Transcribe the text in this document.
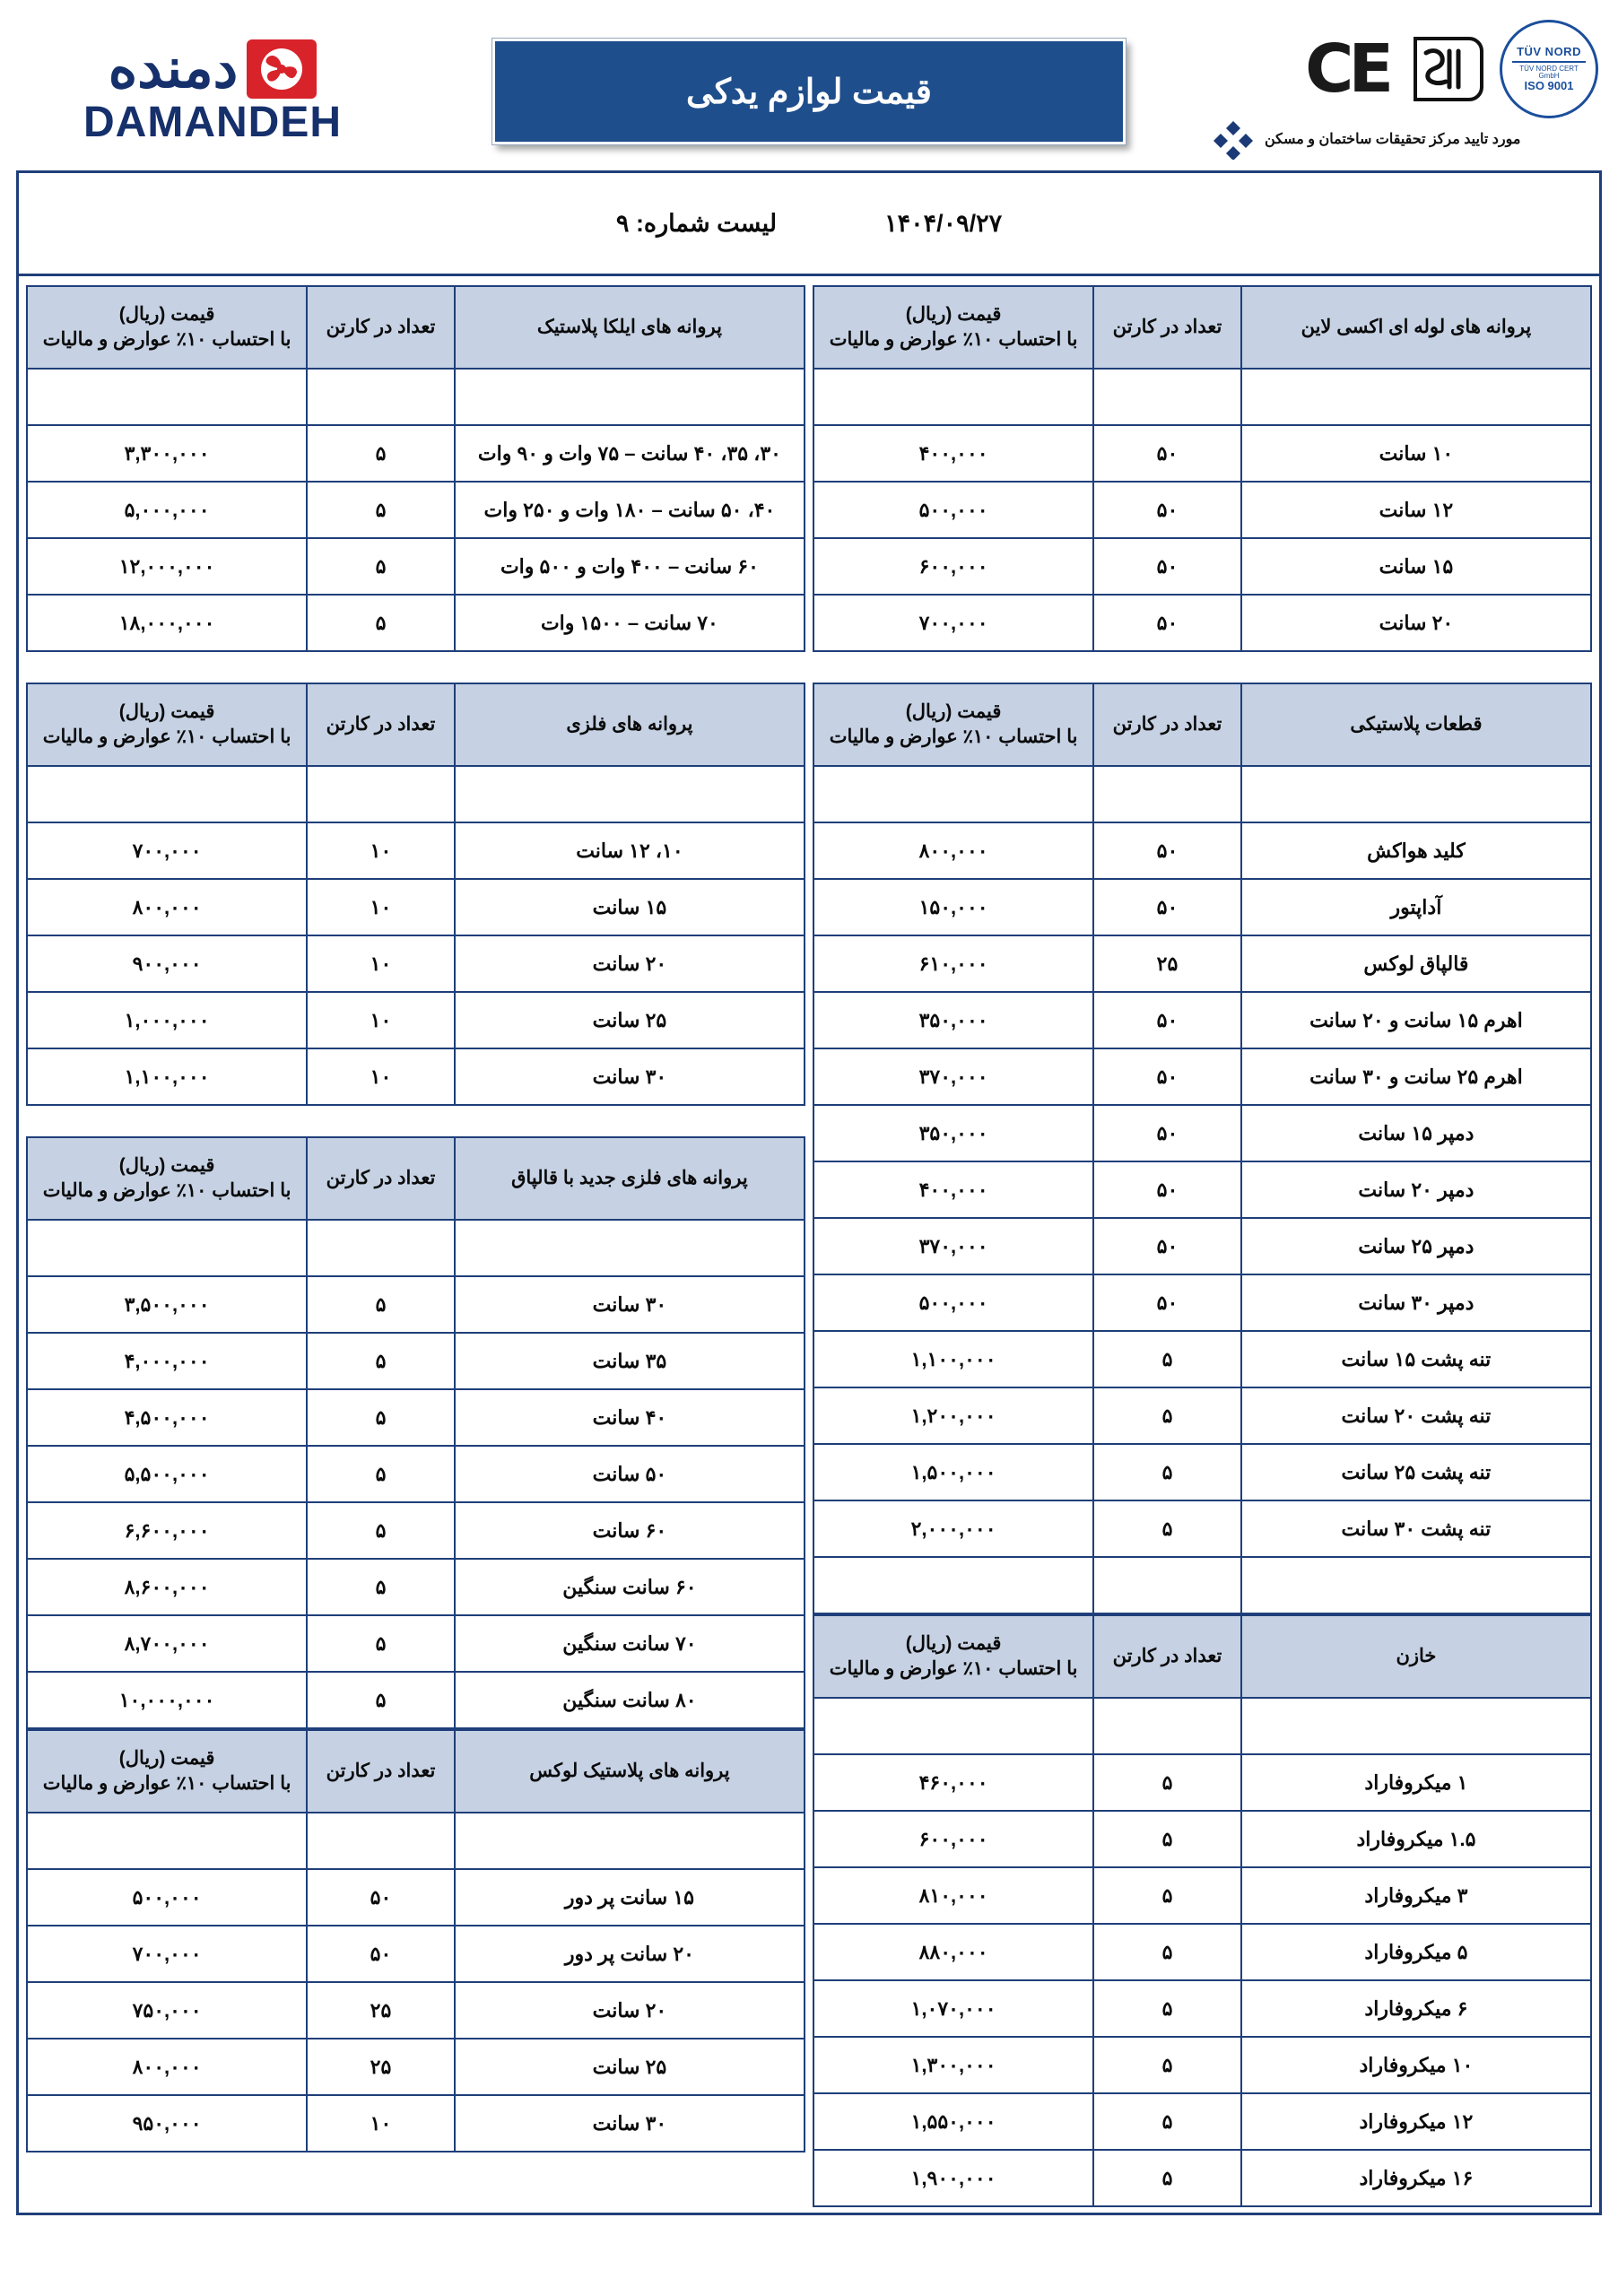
دمنده
DAMANDEH
قیمت لوازم یدکی
TÜV NORD
TÜV NORD CERT
GmbH
ISO 9001
CE
مورد تایید مرکز تحقیقات ساختمان و مسکن
۱۴۰۴/۰۹/۲۷
لیست شماره: ۹
پروانه های لوله ای اکسی لاین	تعداد در کارتن	قیمت (ریال)
با احتساب ۱۰٪ عوارض و مالیات

۱۰ سانت	۵۰	۴۰۰,۰۰۰
۱۲ سانت	۵۰	۵۰۰,۰۰۰
۱۵ سانت	۵۰	۶۰۰,۰۰۰
۲۰ سانت	۵۰	۷۰۰,۰۰۰
قطعات پلاستیکی	تعداد در کارتن	قیمت (ریال)
با احتساب ۱۰٪ عوارض و مالیات

کلید هواکش	۵۰	۸۰۰,۰۰۰
آداپتور	۵۰	۱۵۰,۰۰۰
قالپاق لوکس	۲۵	۶۱۰,۰۰۰
اهرم ۱۵ سانت و ۲۰ سانت	۵۰	۳۵۰,۰۰۰
اهرم ۲۵ سانت و ۳۰ سانت	۵۰	۳۷۰,۰۰۰
دمپر ۱۵ سانت	۵۰	۳۵۰,۰۰۰
دمپر ۲۰ سانت	۵۰	۴۰۰,۰۰۰
دمپر ۲۵ سانت	۵۰	۳۷۰,۰۰۰
دمپر ۳۰ سانت	۵۰	۵۰۰,۰۰۰
تنه پشت ۱۵ سانت	۵	۱,۱۰۰,۰۰۰
تنه پشت ۲۰ سانت	۵	۱,۲۰۰,۰۰۰
تنه پشت ۲۵ سانت	۵	۱,۵۰۰,۰۰۰
تنه پشت ۳۰ سانت	۵	۲,۰۰۰,۰۰۰

خازن	تعداد در کارتن	قیمت (ریال)
با احتساب ۱۰٪ عوارض و مالیات

۱ میکروفاراد	۵	۴۶۰,۰۰۰
۱.۵ میکروفاراد	۵	۶۰۰,۰۰۰
۳ میکروفاراد	۵	۸۱۰,۰۰۰
۵ میکروفاراد	۵	۸۸۰,۰۰۰
۶ میکروفاراد	۵	۱,۰۷۰,۰۰۰
۱۰ میکروفاراد	۵	۱,۳۰۰,۰۰۰
۱۲ میکروفاراد	۵	۱,۵۵۰,۰۰۰
۱۶ میکروفاراد	۵	۱,۹۰۰,۰۰۰
پروانه های ایلکا پلاستیک	تعداد در کارتن	قیمت (ریال)
با احتساب ۱۰٪ عوارض و مالیات

۳۰، ۳۵، ۴۰ سانت – ۷۵ وات و ۹۰ وات	۵	۳,۳۰۰,۰۰۰
۴۰، ۵۰ سانت – ۱۸۰ وات و ۲۵۰ وات	۵	۵,۰۰۰,۰۰۰
۶۰ سانت – ۴۰۰ وات و ۵۰۰ وات	۵	۱۲,۰۰۰,۰۰۰
۷۰ سانت – ۱۵۰۰ وات	۵	۱۸,۰۰۰,۰۰۰
پروانه های فلزی	تعداد در کارتن	قیمت (ریال)
با احتساب ۱۰٪ عوارض و مالیات

۱۰، ۱۲ سانت	۱۰	۷۰۰,۰۰۰
۱۵ سانت	۱۰	۸۰۰,۰۰۰
۲۰ سانت	۱۰	۹۰۰,۰۰۰
۲۵ سانت	۱۰	۱,۰۰۰,۰۰۰
۳۰ سانت	۱۰	۱,۱۰۰,۰۰۰
پروانه های فلزی جدید با قالپاق	تعداد در کارتن	قیمت (ریال)
با احتساب ۱۰٪ عوارض و مالیات

۳۰ سانت	۵	۳,۵۰۰,۰۰۰
۳۵ سانت	۵	۴,۰۰۰,۰۰۰
۴۰ سانت	۵	۴,۵۰۰,۰۰۰
۵۰ سانت	۵	۵,۵۰۰,۰۰۰
۶۰ سانت	۵	۶,۶۰۰,۰۰۰
۶۰ سانت سنگین	۵	۸,۶۰۰,۰۰۰
۷۰ سانت سنگین	۵	۸,۷۰۰,۰۰۰
۸۰ سانت سنگین	۵	۱۰,۰۰۰,۰۰۰
پروانه های پلاستیک لوکس	تعداد در کارتن	قیمت (ریال)
با احتساب ۱۰٪ عوارض و مالیات

۱۵ سانت پر دور	۵۰	۵۰۰,۰۰۰
۲۰ سانت پر دور	۵۰	۷۰۰,۰۰۰
۲۰ سانت	۲۵	۷۵۰,۰۰۰
۲۵ سانت	۲۵	۸۰۰,۰۰۰
۳۰ سانت	۱۰	۹۵۰,۰۰۰
